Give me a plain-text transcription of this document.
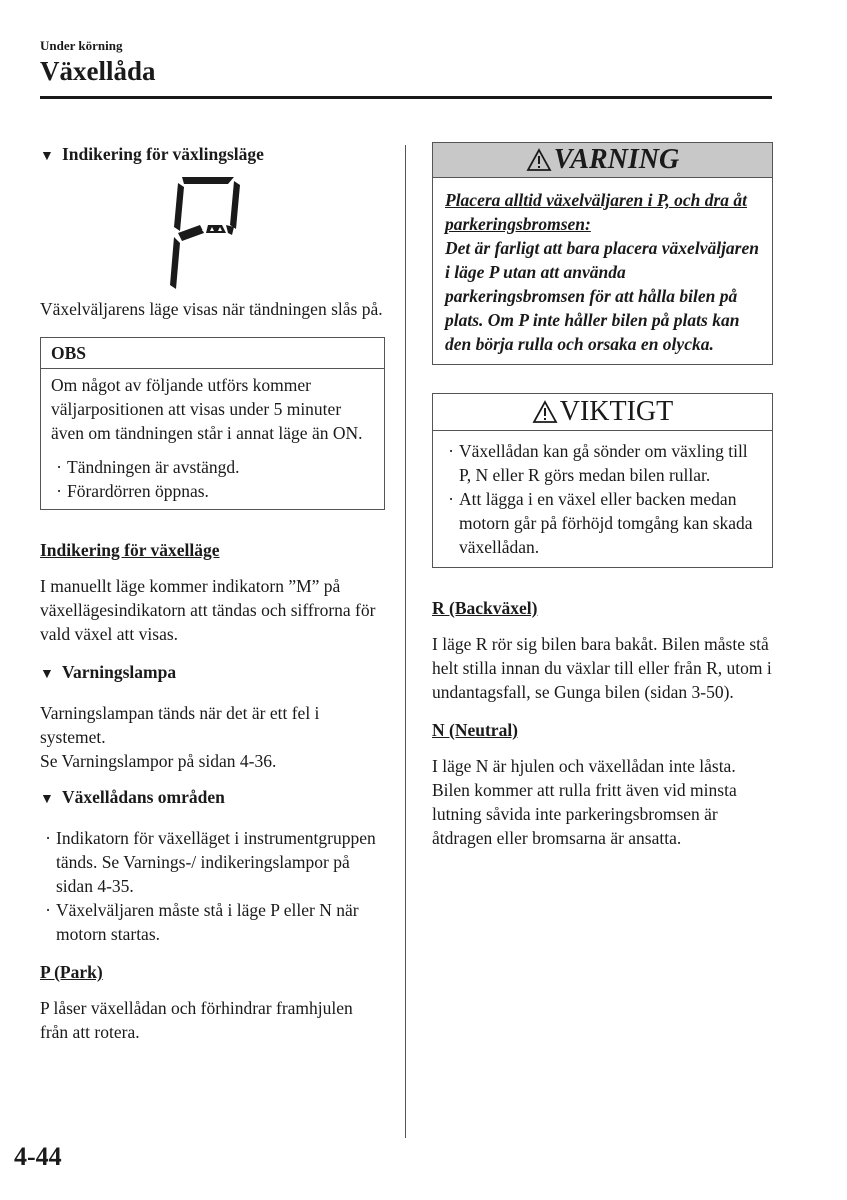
Under körning
Växellåda

▼ Indikering för växlingsläge

Växelväljarens läge visas när tändningen slås på.

OBS

Om något av följande utförs kommer väljarpositionen att visas under 5 minuter även om tändningen står i annat läge än ON.

· Tändningen är avstängd.
· Förardörren öppnas.

Indikering för växelläge

I manuellt läge kommer indikatorn ”M” på växellägesindikatorn att tändas och siffrorna för vald växel att visas.

▼ Varningslampa

Varningslampan tänds när det är ett fel i systemet.

Se Varningslampor på sidan 4-36.

▼ Växellådans områden

· Indikatorn för växelläget i instrumentgruppen tänds. Se Varnings-/ indikeringslampor på sidan 4-35.
· Växelväljaren måste stå i läge P eller N när motorn startas.

P (Park)

P låser växellådan och förhindrar framhjulen från att rotera.

VARNING

Placera alltid växelväljaren i P, och dra åt parkeringsbromsen:

Det är farligt att bara placera växelväljaren i läge P utan att använda parkeringsbromsen för att hålla bilen på plats. Om P inte håller bilen på plats kan den börja rulla och orsaka en olycka.

VIKTIGT
· Växellådan kan gå sönder om växling till P, N eller R görs medan bilen rullar.
· Att lägga i en växel eller backen medan motorn går på förhöjd tomgång kan skada växellådan.

R (Backväxel)

I läge R rör sig bilen bara bakåt. Bilen måste stå helt stilla innan du växlar till eller från R, utom i undantagsfall, se Gunga bilen (sidan 3-50).

N (Neutral)

I läge N är hjulen och växellådan inte låsta. Bilen kommer att rulla fritt även vid minsta lutning såvida inte parkeringsbromsen är åtdragen eller bromsarna är ansatta.

4-44
